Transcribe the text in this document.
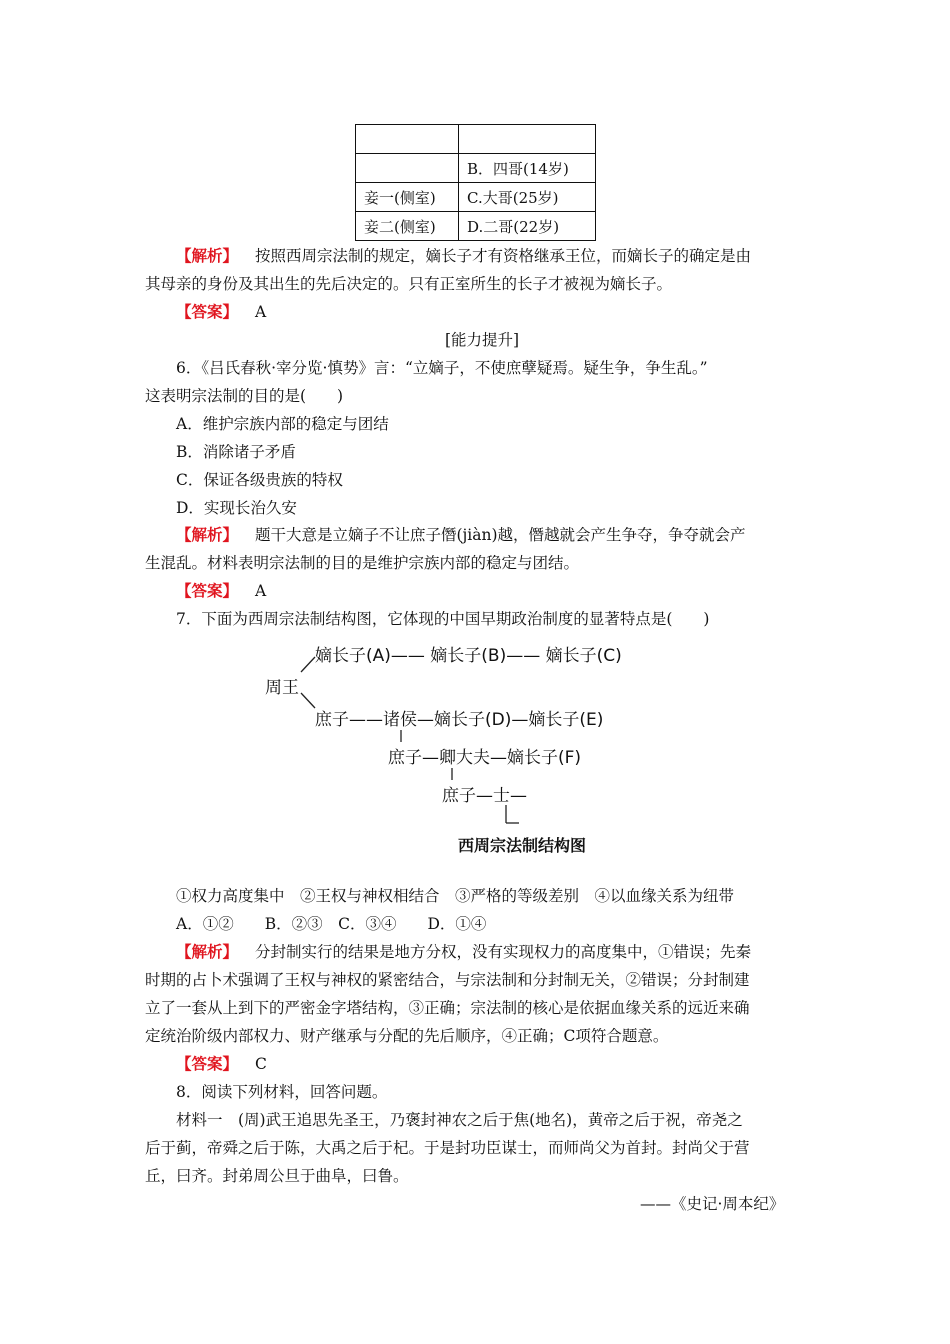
	B．四哥(14岁)
妾一(侧室)	C.大哥(25岁)
妾二(侧室)	D.二哥(22岁)
【解析】 按照西周宗法制的规定，嫡长子才有资格继承王位，而嫡长子的确定是由
其母亲的身份及其出生的先后决定的。只有正室所生的长子才被视为嫡长子。
【答案】 A
[能力提升]
6．《吕氏春秋·宰分览·慎势》言：“立嫡子，不使庶孽疑焉。疑生争，争生乱。”
这表明宗法制的目的是(　　)
A．维护宗族内部的稳定与团结
B．消除诸子矛盾
C．保证各级贵族的特权
D．实现长治久安
【解析】 题干大意是立嫡子不让庶子僭(jiàn)越，僭越就会产生争夺，争夺就会产
生混乱。材料表明宗法制的目的是维护宗族内部的稳定与团结。
【答案】 A
7．下面为西周宗法制结构图，它体现的中国早期政治制度的显著特点是(　　)
嫡长子(A)—— 嫡长子(B)—— 嫡长子(C)
周王
庶子——诸侯—嫡长子(D)—嫡长子(E)
庶子—卿大夫—嫡长子(F)
庶子—士—
西周宗法制结构图
①权力高度集中　②王权与神权相结合　③严格的等级差别　④以血缘关系为纽带
A．①②　　B．②③　C．③④　　D．①④
【解析】 分封制实行的结果是地方分权，没有实现权力的高度集中，①错误；先秦
时期的占卜术强调了王权与神权的紧密结合，与宗法制和分封制无关，②错误；分封制建
立了一套从上到下的严密金字塔结构，③正确；宗法制的核心是依据血缘关系的远近来确
定统治阶级内部权力、财产继承与分配的先后顺序，④正确；C项符合题意。
【答案】 C
8．阅读下列材料，回答问题。
材料一　(周)武王追思先圣王，乃褒封神农之后于焦(地名)，黄帝之后于祝，帝尧之
后于蓟，帝舜之后于陈，大禹之后于杞。于是封功臣谋士，而师尚父为首封。封尚父于营
丘，曰齐。封弟周公旦于曲阜，曰鲁。
——《史记·周本纪》
